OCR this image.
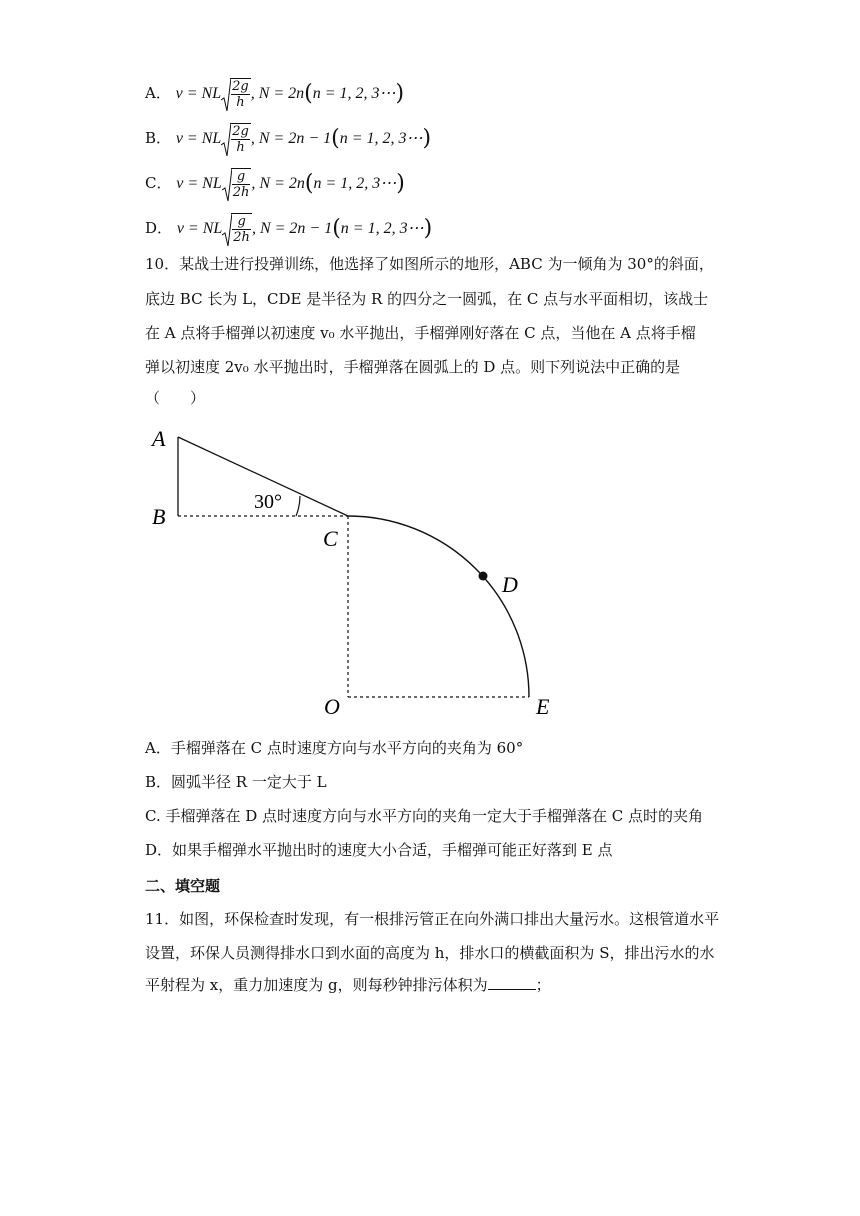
A． v = NL $\frac{2g}{h}$ , N = 2n(n = 1, 2, 3⋯)
B． v = NL $\frac{2g}{h}$ , N = 2n − 1(n = 1, 2, 3⋯)
C． v = NL $\frac{g}{2h}$ , N = 2n(n = 1, 2, 3⋯)
D． v = NL $\frac{g}{2h}$ , N = 2n − 1(n = 1, 2, 3⋯)
10．某战士进行投弹训练，他选择了如图所示的地形，ABC 为一倾角为 30°的斜面，
底边 BC 长为 L，CDE 是半径为 R 的四分之一圆弧，在 C 点与水平面相切，该战士
在 A 点将手榴弹以初速度 v₀ 水平抛出，手榴弹刚好落在 C 点，当他在 A 点将手榴
弹以初速度 2v₀ 水平抛出时，手榴弹落在圆弧上的 D 点。则下列说法中正确的是
（　　）
A
B
C
D
O	E
30°
A．手榴弹落在 C 点时速度方向与水平方向的夹角为 60°
B．圆弧半径 R 一定大于 L
C. 手榴弹落在 D 点时速度方向与水平方向的夹角一定大于手榴弹落在 C 点时的夹角
D．如果手榴弹水平抛出时的速度大小合适，手榴弹可能正好落到 E 点
二、填空题
11．如图，环保检查时发现，有一根排污管正在向外满口排出大量污水。这根管道水平
设置，环保人员测得排水口到水面的高度为 h，排水口的横截面积为 S，排出污水的水
平射程为 x，重力加速度为 g，则每秒钟排污体积为	；
